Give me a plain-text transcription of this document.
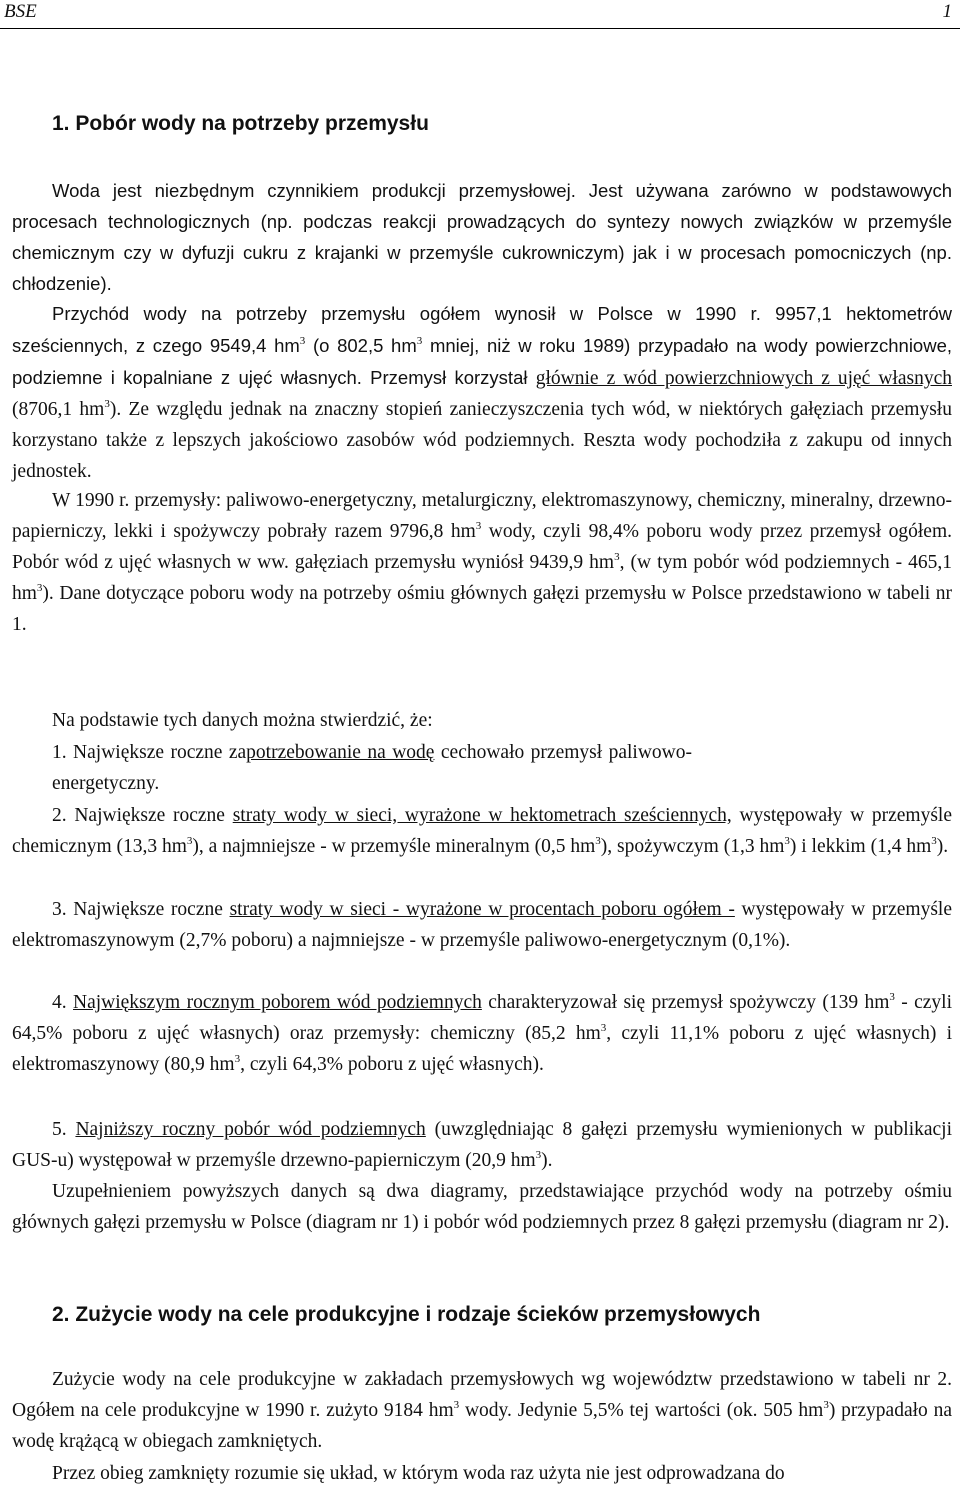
BSE	1
1. Pobór wody na potrzeby przemysłu

Woda jest niezbędnym czynnikiem produkcji przemysłowej. Jest używana zarówno w podstawowych procesach technologicznych (np. podczas reakcji prowadzących do syntezy nowych związków w przemyśle chemicznym czy w dyfuzji cukru z krajanki w przemyśle cukrowniczym) jak i w procesach pomocniczych (np. chłodzenie).

Przychód wody na potrzeby przemysłu ogółem wynosił w Polsce w 1990 r. 9957,1 hektometrów sześciennych, z czego 9549,4 $hm^3$ (o 802,5 $hm^3$ mniej, niż w roku 1989) przypadało na wody powierzchniowe, podziemne i kopalniane z ujęć własnych. Przemysł korzystał głównie z wód powierzchniowych z ujęć własnych (8706,1 $hm^3$). Ze względu jednak na znaczny stopień zanieczyszczenia tych wód, w niektórych gałęziach przemysłu korzystano także z lepszych jakościowo zasobów wód podziemnych. Reszta wody pochodziła z zakupu od innych jednostek.

W 1990 r. przemysły: paliwowo-energetyczny, metalurgiczny, elektromaszynowy, chemiczny, mineralny, drzewno-papierniczy, lekki i spożywczy pobrały razem 9796,8 $hm^3$ wody, czyli 98,4% poboru wody przez przemysł ogółem. Pobór wód z ujęć własnych w ww. gałęziach przemysłu wyniósł 9439,9 $hm^3$, (w tym pobór wód podziemnych - 465,1 $hm^3$). Dane dotyczące poboru wody na potrzeby ośmiu głównych gałęzi przemysłu w Polsce przedstawiono w tabeli nr 1.

Na podstawie tych danych można stwierdzić, że:

1. Największe roczne zapotrzebowanie na wodę cechowało przemysł paliwowo-energetyczny.

2. Największe roczne straty wody w sieci, wyrażone w hektometrach sześciennych, występowały w przemyśle chemicznym (13,3 $hm^3$), a najmniejsze - w przemyśle mineralnym (0,5 $hm^3$), spożywczym (1,3 $hm^3$) i lekkim (1,4 $hm^3$).

3. Największe roczne straty wody w sieci - wyrażone w procentach poboru ogółem - występowały w przemyśle elektromaszynowym (2,7% poboru) a najmniejsze - w przemyśle paliwowo-energetycznym (0,1%).

4. Największym rocznym poborem wód podziemnych charakteryzował się przemysł spożywczy (139 $hm^3$ - czyli 64,5% poboru z ujęć własnych) oraz przemysły: chemiczny (85,2 $hm^3$, czyli 11,1% poboru z ujęć własnych) i elektromaszynowy (80,9 $hm^3$, czyli 64,3% poboru z ujęć własnych).

5. Najniższy roczny pobór wód podziemnych (uwzględniając 8 gałęzi przemysłu wymienionych w publikacji GUS-u) występował w przemyśle drzewno-papierniczym (20,9 $hm^3$).

Uzupełnieniem powyższych danych są dwa diagramy, przedstawiające przychód wody na potrzeby ośmiu głównych gałęzi przemysłu w Polsce (diagram nr 1) i pobór wód podziemnych przez 8 gałęzi przemysłu (diagram nr 2).

2. Zużycie wody na cele produkcyjne i rodzaje ścieków przemysłowych

Zużycie wody na cele produkcyjne w zakładach przemysłowych wg województw przedstawiono w tabeli nr 2. Ogółem na cele produkcyjne w 1990 r. zużyto 9184 $hm^3$ wody. Jedynie 5,5% tej wartości (ok. 505 $hm^3$) przypadało na wodę krążącą w obiegach zamkniętych.

Przez obieg zamknięty rozumie się układ, w którym woda raz użyta nie jest odprowadzana do
